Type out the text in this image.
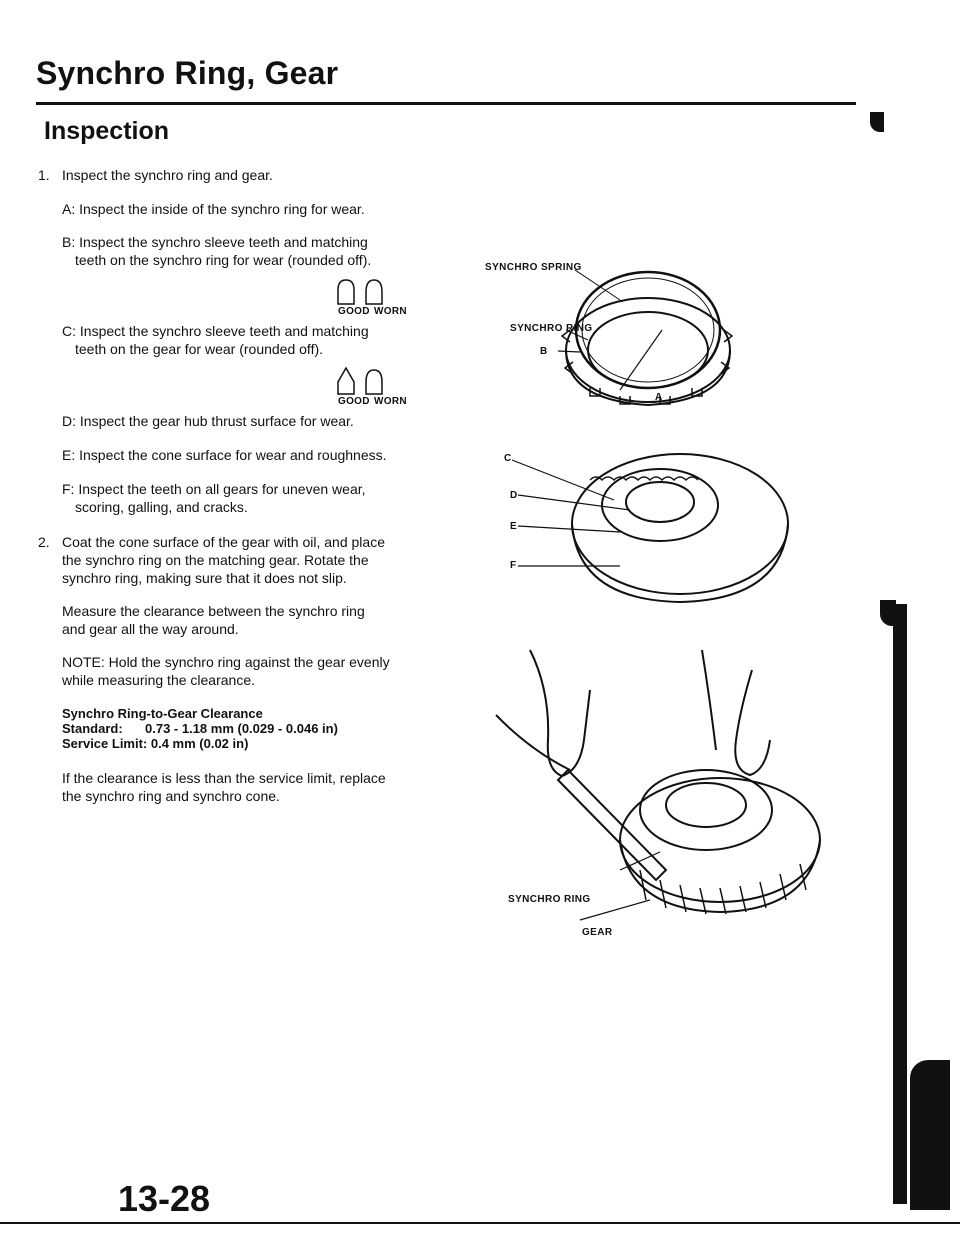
Synchro Ring, Gear
Inspection
1. Inspect the synchro ring and gear.
A: Inspect the inside of the synchro ring for wear.
B: Inspect the synchro sleeve teeth and matching
teeth on the synchro ring for wear (rounded off).
GOOD WORN
C: Inspect the synchro sleeve teeth and matching
teeth on the gear for wear (rounded off).
GOOD WORN
D: Inspect the gear hub thrust surface for wear.
E: Inspect the cone surface for wear and roughness.
F: Inspect the teeth on all gears for uneven wear,
scoring, galling, and cracks.
2. Coat the cone surface of the gear with oil, and place
the synchro ring on the matching gear. Rotate the
synchro ring, making sure that it does not slip.
Measure the clearance between the synchro ring
and gear all the way around.
NOTE: Hold the synchro ring against the gear evenly
while measuring the clearance.
Synchro Ring-to-Gear Clearance
Standard: 0.73 - 1.18 mm (0.029 - 0.046 in)
Service Limit: 0.4 mm (0.02 in)
If the clearance is less than the service limit, replace
the synchro ring and synchro cone.
SYNCHRO SPRING
SYNCHRO RING
A
B
C
D
E
F
SYNCHRO RING
GEAR
13-28
